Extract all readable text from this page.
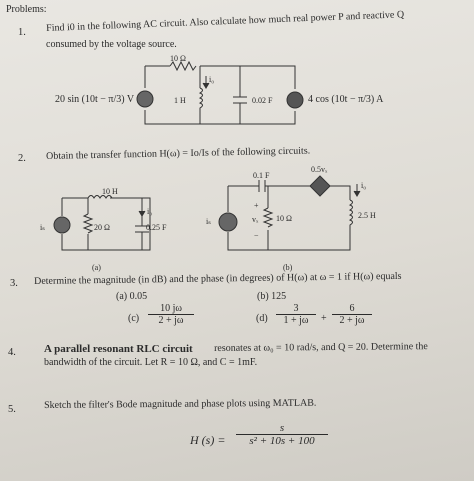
Problems:
1. Find i0 in the following AC circuit. Also calculate how much real power P and reactive Q
consumed by the voltage source.
10 Ω
20 sin (10t − π/3) V
i₀
1 H	0.02 F	4 cos (10t − π/3) A
2. Obtain the transfer function H(ω) = Io/Is of the following circuits.
10 H
iₛ
i₀
20 Ω	0.25 F
(a)
0.1 F
0.5vₓ
iₛ
+
vₓ
−
10 Ω
i₀
2.5 H
(b)
3. Determine the magnitude (in dB) and the phase (in degrees) of H(ω) at ω = 1 if H(ω) equals
(a) 0.05	(b) 125
$(c) \frac{10 j\omega}{2 + j\omega}$	$(d) \frac{3}{1 + j\omega} + \frac{6}{2 + j\omega}$
4.	A parallel resonant RLC circuit resonates at ω₀ = 10 rad/s, and Q = 20. Determine the
bandwidth of the circuit. Let R = 10 Ω, and C = 1mF.
5.	Sketch the filter's Bode magnitude and phase plots using MATLAB.
H $(s) = \frac{s}{\text{s² + 10s + 100}}$
